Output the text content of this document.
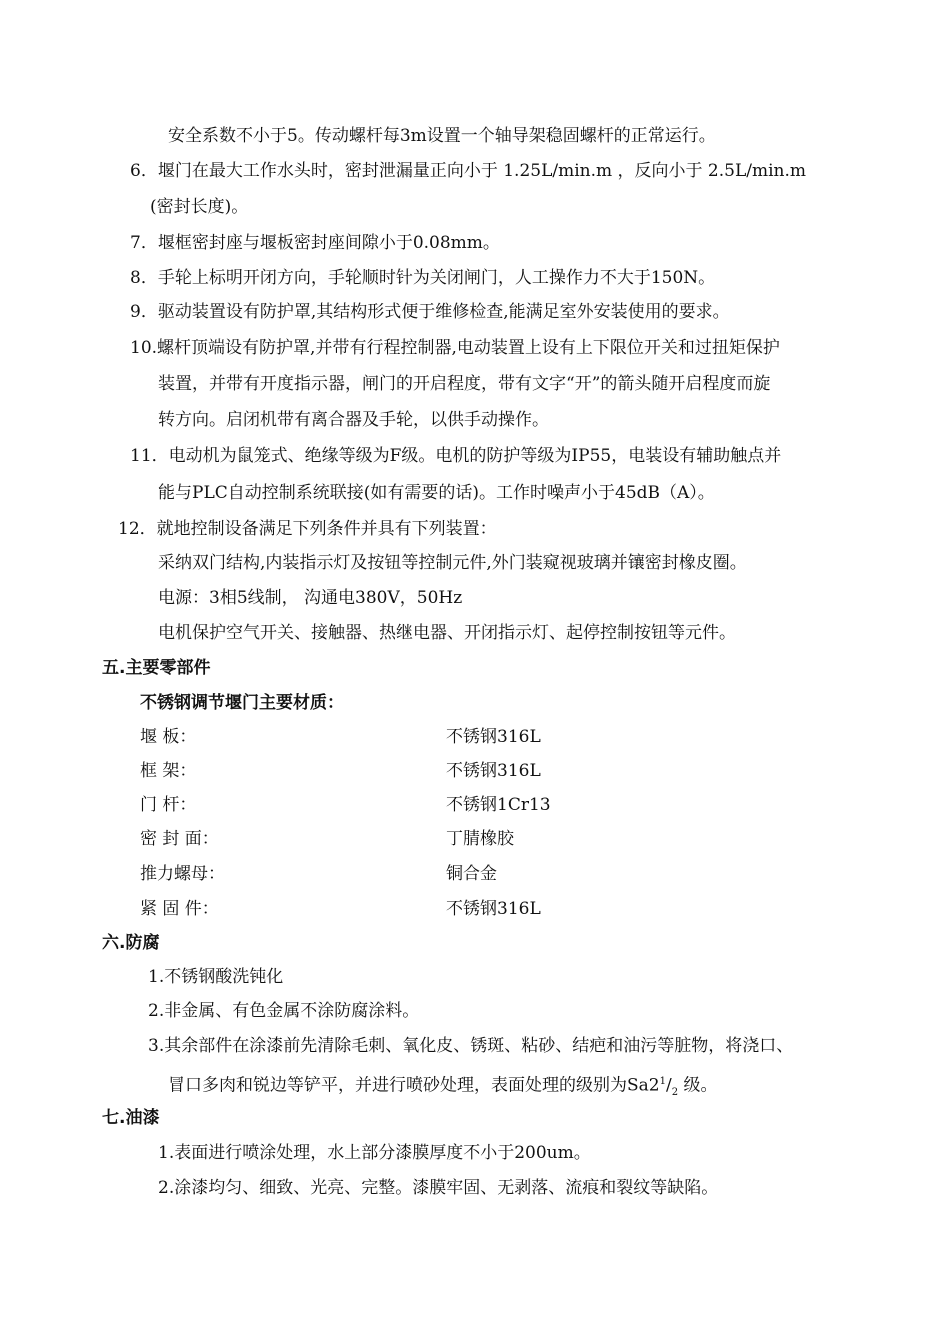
安全系数不小于5。传动螺杆每3m设置一个轴导架稳固螺杆的正常运行。
6．堰门在最大工作水头时，密封泄漏量正向小于 1.25L/min.m ，反向小于 2.5L/min.m
(密封长度)。
7．堰框密封座与堰板密封座间隙小于0.08mm。
8．手轮上标明开闭方向，手轮顺时针为关闭闸门，人工操作力不大于150N。
9．驱动装置设有防护罩,其结构形式便于维修检查,能满足室外安装使用的要求。
10.螺杆顶端设有防护罩,并带有行程控制器,电动装置上设有上下限位开关和过扭矩保护
装置，并带有开度指示器，闸门的开启程度，带有文字“开”的箭头随开启程度而旋
转方向。启闭机带有离合器及手轮，以供手动操作。
11．电动机为鼠笼式、绝缘等级为F级。电机的防护等级为IP55，电装设有辅助触点并
能与PLC自动控制系统联接(如有需要的话)。工作时噪声小于45dB（A）。
12．就地控制设备满足下列条件并具有下列装置：
采纳双门结构,内装指示灯及按钮等控制元件,外门装窥视玻璃并镶密封橡皮圈。
电源：3相5线制， 沟通电380V，50Hz
电机保护空气开关、接触器、热继电器、开闭指示灯、起停控制按钮等元件。
五.主要零部件
不锈钢调节堰门主要材质：
堰 板：	不锈钢316L
框 架：	不锈钢316L
门 杆：	不锈钢1Cr13
密 封 面：	丁腈橡胶
推力螺母：	铜合金
紧 固 件：	不锈钢316L
六.防腐
1.不锈钢酸洗钝化
2.非金属、有色金属不涂防腐涂料。
3.其余部件在涂漆前先清除毛刺、氧化皮、锈斑、粘砂、结疤和油污等脏物，将浇口、
冒口多肉和锐边等铲平，并进行喷砂处理，表面处理的级别为$Sa2^1/_2$ 级。
七.油漆
1.表面进行喷涂处理，水上部分漆膜厚度不小于200um。
2.涂漆均匀、细致、光亮、完整。漆膜牢固、无剥落、流痕和裂纹等缺陷。
